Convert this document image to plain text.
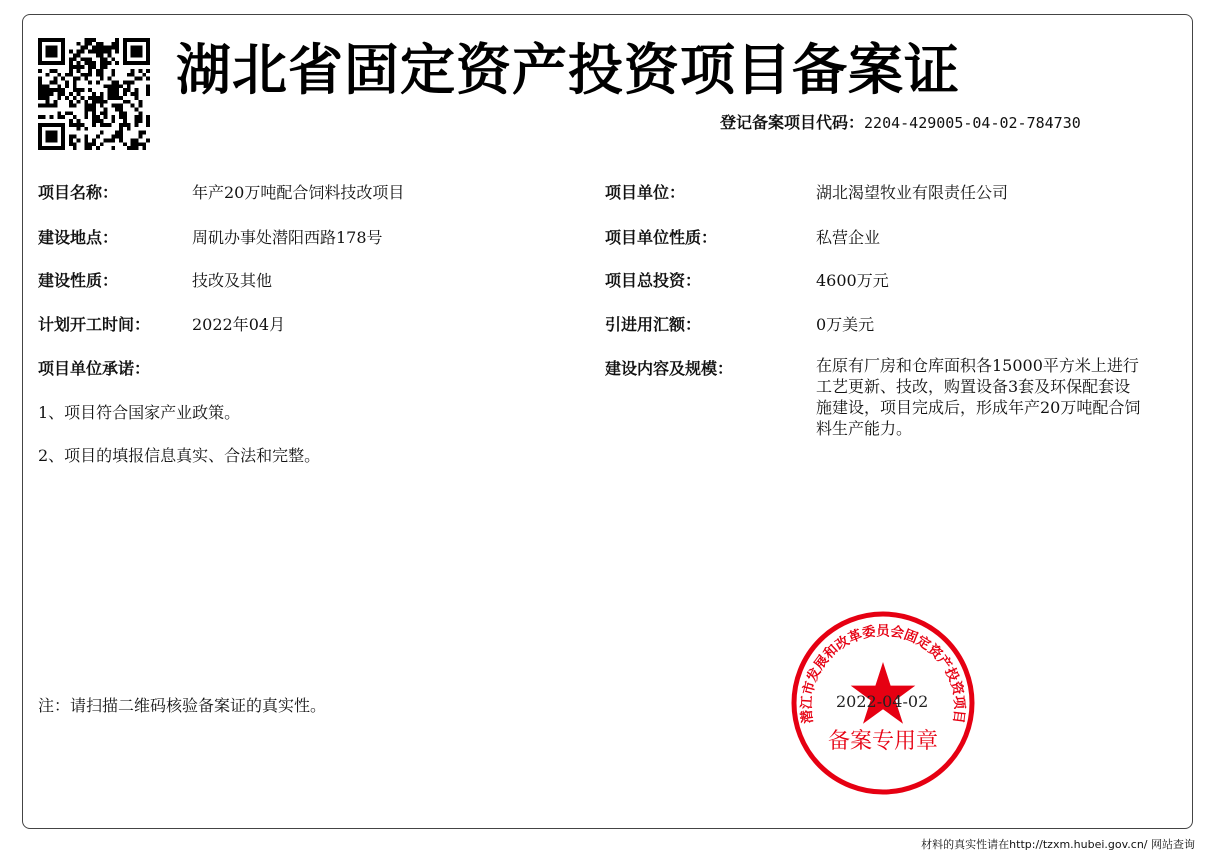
湖北省固定资产投资项目备案证
登记备案项目代码：2204-429005-04-02-784730
项目名称：	年产20万吨配合饲料技改项目
建设地点：	周矶办事处潜阳西路178号
建设性质：	技改及其他
计划开工时间：	2022年04月
项目单位承诺：
1、项目符合国家产业政策。
2、项目的填报信息真实、合法和完整。
项目单位：	湖北渴望牧业有限责任公司
项目单位性质：	私营企业
项目总投资：	4600万元
引进用汇额：	0万美元
建设内容及规模：	在原有厂房和仓库面积各15000平方米上进行工艺更新、技改，购置设备3套及环保配套设施建设，项目完成后，形成年产20万吨配合饲料生产能力。
注：请扫描二维码核验备案证的真实性。
潜江市发展和改革委员会固定资产投资项目
备案专用章
2022-04-02
材料的真实性请在http://tzxm.hubei.gov.cn/ 网站查询
